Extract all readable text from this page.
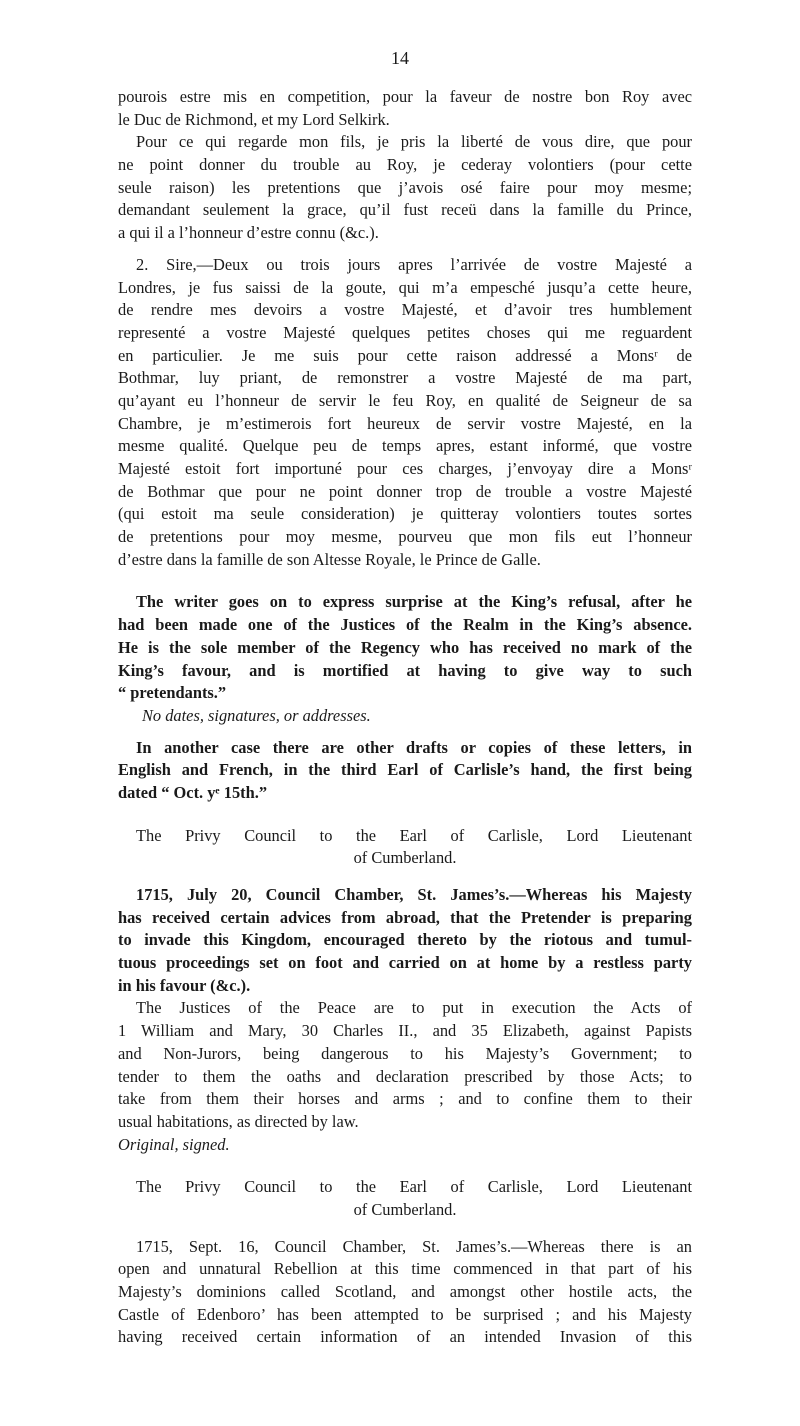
14
pourois estre mis en competition, pour la faveur de nostre bon Roy avec
le Duc de Richmond, et my Lord Selkirk.
Pour ce qui regarde mon fils, je pris la liberté de vous dire, que pour
ne point donner du trouble au Roy, je cederay volontiers (pour cette
seule raison) les pretentions que j’avois osé faire pour moy mesme;
demandant seulement la grace, qu’il fust receü dans la famille du Prince,
a qui il a l’honneur d’estre connu (&c.).
2. Sire,—Deux ou trois jours apres l’arrivée de vostre Majesté a
Londres, je fus saissi de la goute, qui m’a empesché jusqu’a cette heure,
de rendre mes devoirs a vostre Majesté, et d’avoir tres humblement
representé a vostre Majesté quelques petites choses qui me reguardent
en particulier. Je me suis pour cette raison addressé a Monsʳ de
Bothmar, luy priant, de remonstrer a vostre Majesté de ma part,
qu’ayant eu l’honneur de servir le feu Roy, en qualité de Seigneur de sa
Chambre, je m’estimerois fort heureux de servir vostre Majesté, en la
mesme qualité. Quelque peu de temps apres, estant informé, que vostre
Majesté estoit fort importuné pour ces charges, j’envoyay dire a Monsʳ
de Bothmar que pour ne point donner trop de trouble a vostre Majesté
(qui estoit ma seule consideration) je quitteray volontiers toutes sortes
de pretentions pour moy mesme, pourveu que mon fils eut l’honneur
d’estre dans la famille de son Altesse Royale, le Prince de Galle.
The writer goes on to express surprise at the King’s refusal, after he
had been made one of the Justices of the Realm in the King’s absence.
He is the sole member of the Regency who has received no mark of the
King’s favour, and is mortified at having to give way to such
“ pretendants.”
No dates, signatures, or addresses.
In another case there are other drafts or copies of these letters, in
English and French, in the third Earl of Carlisle’s hand, the first being
dated “ Oct. yᵉ 15th.”
The Privy Council to the Earl of Carlisle, Lord Lieutenant
of Cumberland.
1715, July 20, Council Chamber, St. James’s.—Whereas his Majesty
has received certain advices from abroad, that the Pretender is preparing
to invade this Kingdom, encouraged thereto by the riotous and tumul-
tuous proceedings set on foot and carried on at home by a restless party
in his favour (&c.).
The Justices of the Peace are to put in execution the Acts of
1 William and Mary, 30 Charles II., and 35 Elizabeth, against Papists
and Non-Jurors, being dangerous to his Majesty’s Government; to
tender to them the oaths and declaration prescribed by those Acts; to
take from them their horses and arms ; and to confine them to their
usual habitations, as directed by law.
Original, signed.
The Privy Council to the Earl of Carlisle, Lord Lieutenant
of Cumberland.
1715, Sept. 16, Council Chamber, St. James’s.—Whereas there is an
open and unnatural Rebellion at this time commenced in that part of his
Majesty’s dominions called Scotland, and amongst other hostile acts, the
Castle of Edenboro’ has been attempted to be surprised ; and his Majesty
having received certain information of an intended Invasion of this
